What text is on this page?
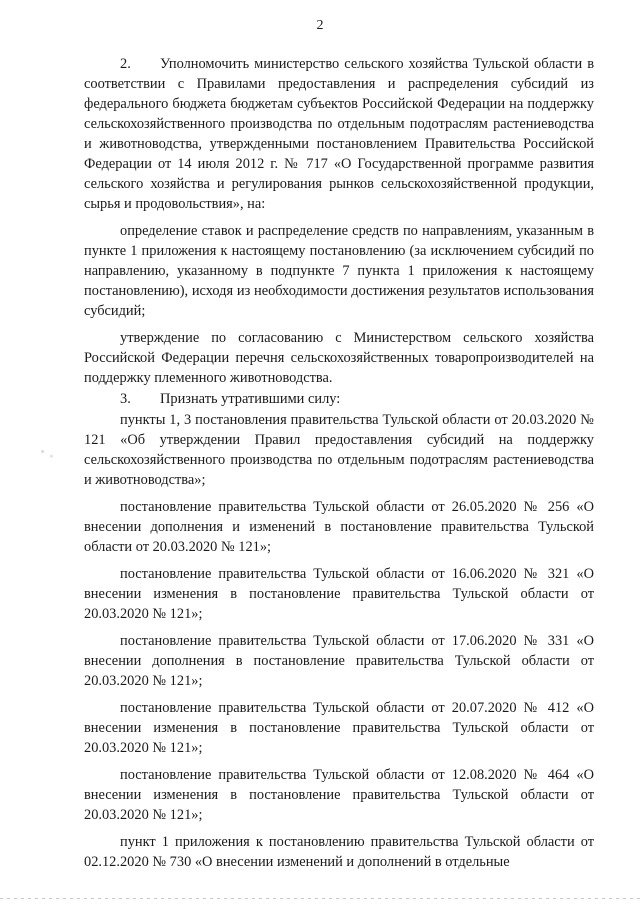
2

2. Уполномочить министерство сельского хозяйства Тульской области в соответствии с Правилами предоставления и распределения субсидий из федерального бюджета бюджетам субъектов Российской Федерации на поддержку сельскохозяйственного производства по отдельным подотраслям растениеводства и животноводства, утвержденными постановлением Правительства Российской Федерации от 14 июля 2012 г. № 717 «О Государственной программе развития сельского хозяйства и регулирования рынков сельскохозяйственной продукции, сырья и продовольствия», на:

определение ставок и распределение средств по направлениям, указанным в пункте 1 приложения к настоящему постановлению (за исключением субсидий по направлению, указанному в подпункте 7 пункта 1 приложения к настоящему постановлению), исходя из необходимости достижения результатов использования субсидий;

утверждение по согласованию с Министерством сельского хозяйства Российской Федерации перечня сельскохозяйственных товаропроизводителей на поддержку племенного животноводства.

3. Признать утратившими силу:

пункты 1, 3 постановления правительства Тульской области от 20.03.2020 № 121 «Об утверждении Правил предоставления субсидий на поддержку сельскохозяйственного производства по отдельным подотраслям растениеводства и животноводства»;

постановление правительства Тульской области от 26.05.2020 № 256 «О внесении дополнения и изменений в постановление правительства Тульской области от 20.03.2020 № 121»;

постановление правительства Тульской области от 16.06.2020 № 321 «О внесении изменения в постановление правительства Тульской области от 20.03.2020 № 121»;

постановление правительства Тульской области от 17.06.2020 № 331 «О внесении дополнения в постановление правительства Тульской области от 20.03.2020 № 121»;

постановление правительства Тульской области от 20.07.2020 № 412 «О внесении изменения в постановление правительства Тульской области от 20.03.2020 № 121»;

постановление правительства Тульской области от 12.08.2020 № 464 «О внесении изменения в постановление правительства Тульской области от 20.03.2020 № 121»;

пункт 1 приложения к постановлению правительства Тульской области от 02.12.2020 № 730 «О внесении изменений и дополнений в отдельные
